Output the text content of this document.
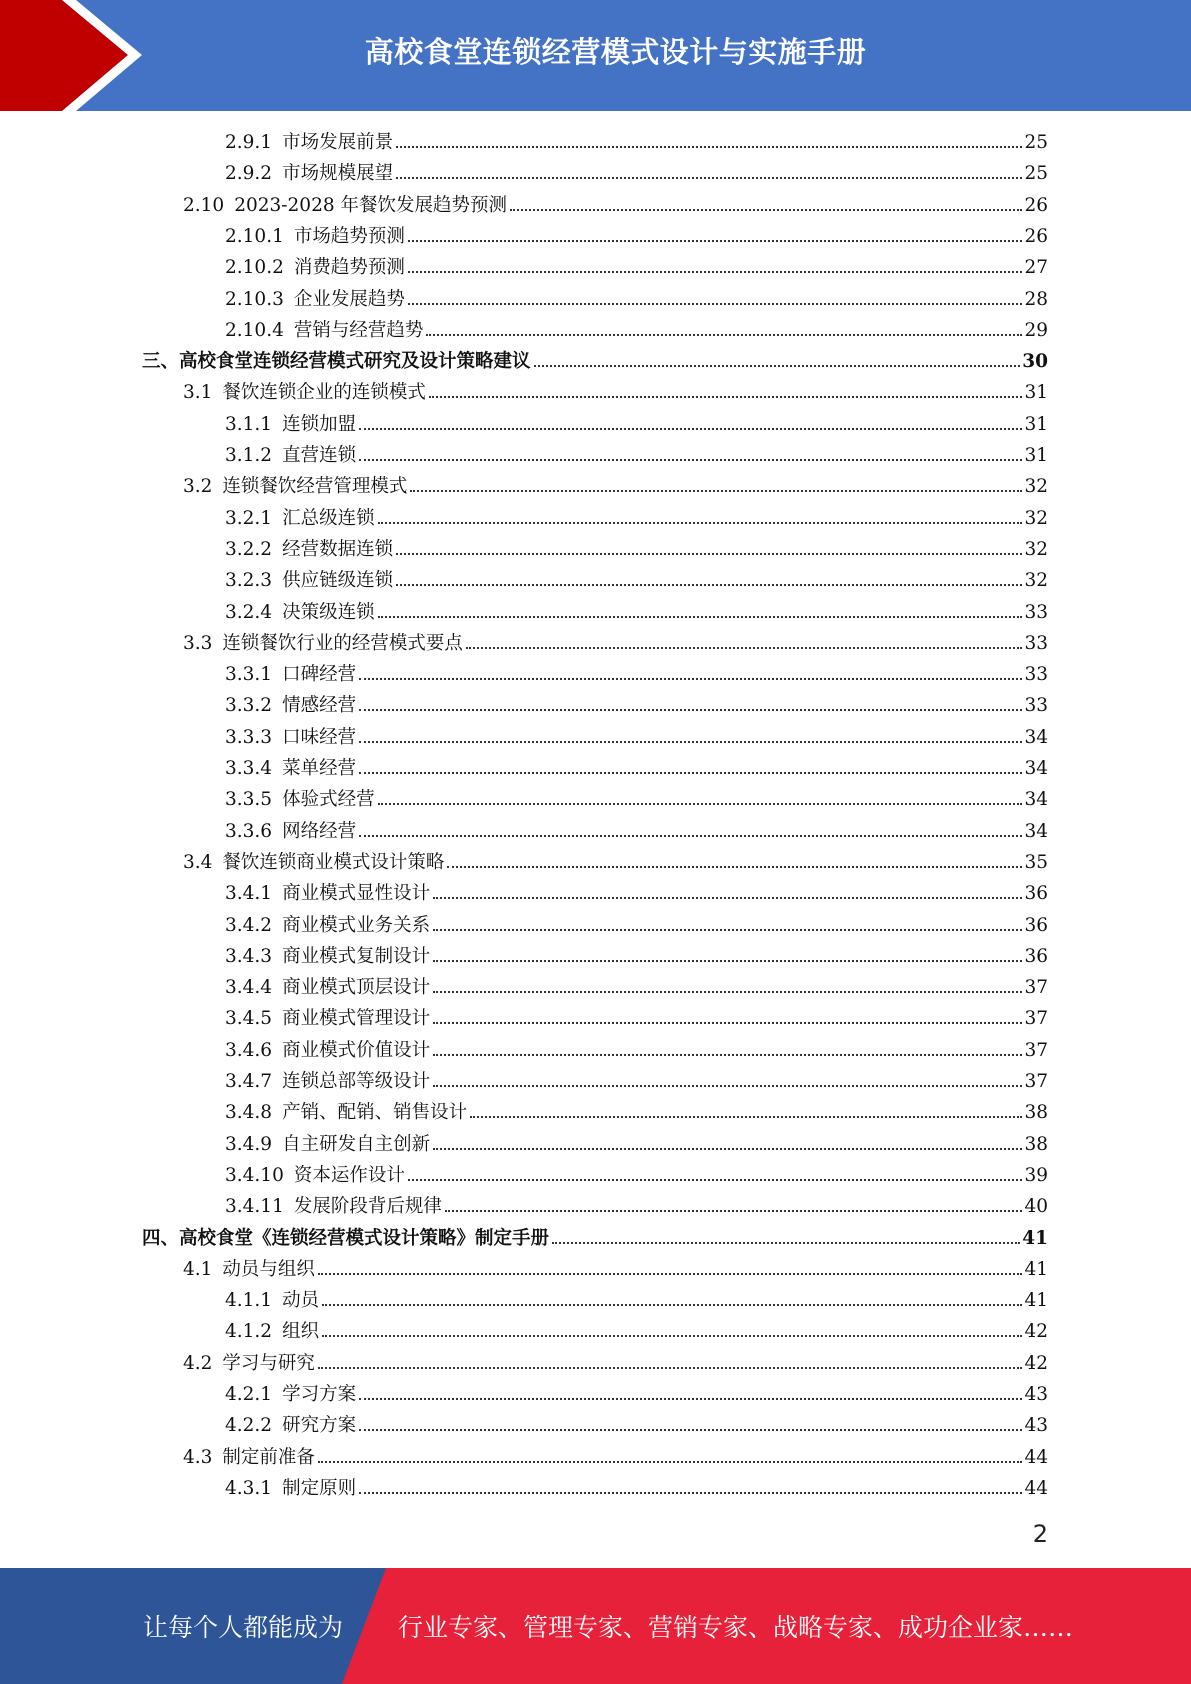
高校食堂连锁经营模式设计与实施手册
2.9.1 市场发展前景	25
2.9.2 市场规模展望	25
2.10 2023-2028 年餐饮发展趋势预测	26
2.10.1 市场趋势预测	26
2.10.2 消费趋势预测	27
2.10.3 企业发展趋势	28
2.10.4 营销与经营趋势	29
三、高校食堂连锁经营模式研究及设计策略建议	30
3.1 餐饮连锁企业的连锁模式	31
3.1.1 连锁加盟	31
3.1.2 直营连锁	31
3.2 连锁餐饮经营管理模式	32
3.2.1 汇总级连锁	32
3.2.2 经营数据连锁	32
3.2.3 供应链级连锁	32
3.2.4 决策级连锁	33
3.3 连锁餐饮行业的经营模式要点	33
3.3.1 口碑经营	33
3.3.2 情感经营	33
3.3.3 口味经营	34
3.3.4 菜单经营	34
3.3.5 体验式经营	34
3.3.6 网络经营	34
3.4 餐饮连锁商业模式设计策略	35
3.4.1 商业模式显性设计	36
3.4.2 商业模式业务关系	36
3.4.3 商业模式复制设计	36
3.4.4 商业模式顶层设计	37
3.4.5 商业模式管理设计	37
3.4.6 商业模式价值设计	37
3.4.7 连锁总部等级设计	37
3.4.8 产销、配销、销售设计	38
3.4.9 自主研发自主创新	38
3.4.10 资本运作设计	39
3.4.11 发展阶段背后规律	40
四、高校食堂《连锁经营模式设计策略》制定手册	41
4.1 动员与组织	41
4.1.1 动员	41
4.1.2 组织	42
4.2 学习与研究	42
4.2.1 学习方案	43
4.2.2 研究方案	43
4.3 制定前准备	44
4.3.1 制定原则	44
2
让每个人都能成为 行业专家、管理专家、营销专家、战略专家、成功企业家……
